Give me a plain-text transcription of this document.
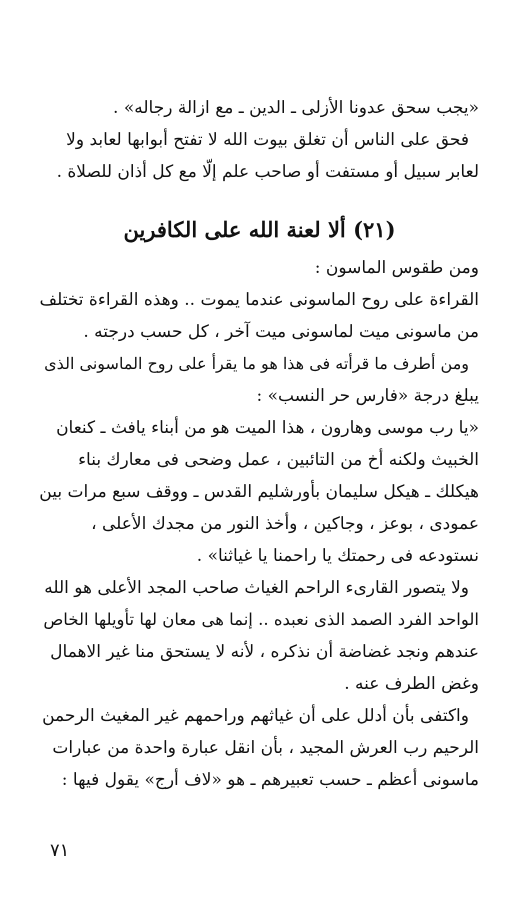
«يجب سحق عدونا الأزلى ـ الدين ـ مع ازالة رجاله» .
فحق على الناس أن تغلق بيوت الله لا تفتح أبوابها لعابد ولا
لعابر سبيل أو مستفت أو صاحب علم إلّا مع كل أذان للصلاة .
(٢١) ألا لعنة الله على الكافرين
ومن طقوس الماسون :
القراءة على روح الماسونى عندما يموت .. وهذه القراءة تختلف
من ماسونى ميت لماسونى ميت آخر ، كل حسب درجته .
ومن أطرف ما قرأته فى هذا هو ما يقرأ على روح الماسونى الذى
يبلغ درجة «فارس حر النسب» :
«يا رب موسى وهارون ، هذا الميت هو من أبناء يافث ـ كنعان
الخبيث ولكنه أخ من التائبين ، عمل وضحى فى معارك بناء
هيكلك ـ هيكل سليمان بأورشليم القدس ـ ووقف سبع مرات بين
عمودى ، بوعز ، وجاكين ، وأخذ النور من مجدك الأعلى ،
نستودعه فى رحمتك يا راحمنا يا غياثنا» .
ولا يتصور القارىء الراحم الغياث صاحب المجد الأعلى هو الله
الواحد الفرد الصمد الذى نعبده .. إنما هى معان لها تأويلها الخاص
عندهم ونجد غضاضة أن نذكره ، لأنه لا يستحق منا غير الاهمال
وغض الطرف عنه .
واكتفى بأن أدلل على أن غياثهم وراحمهم غير المغيث الرحمن
الرحيم رب العرش المجيد ، بأن انقل عبارة واحدة من عبارات
ماسونى أعظم ـ حسب تعبيرهم ـ هو «لاف أرج» يقول فيها :
٧١
